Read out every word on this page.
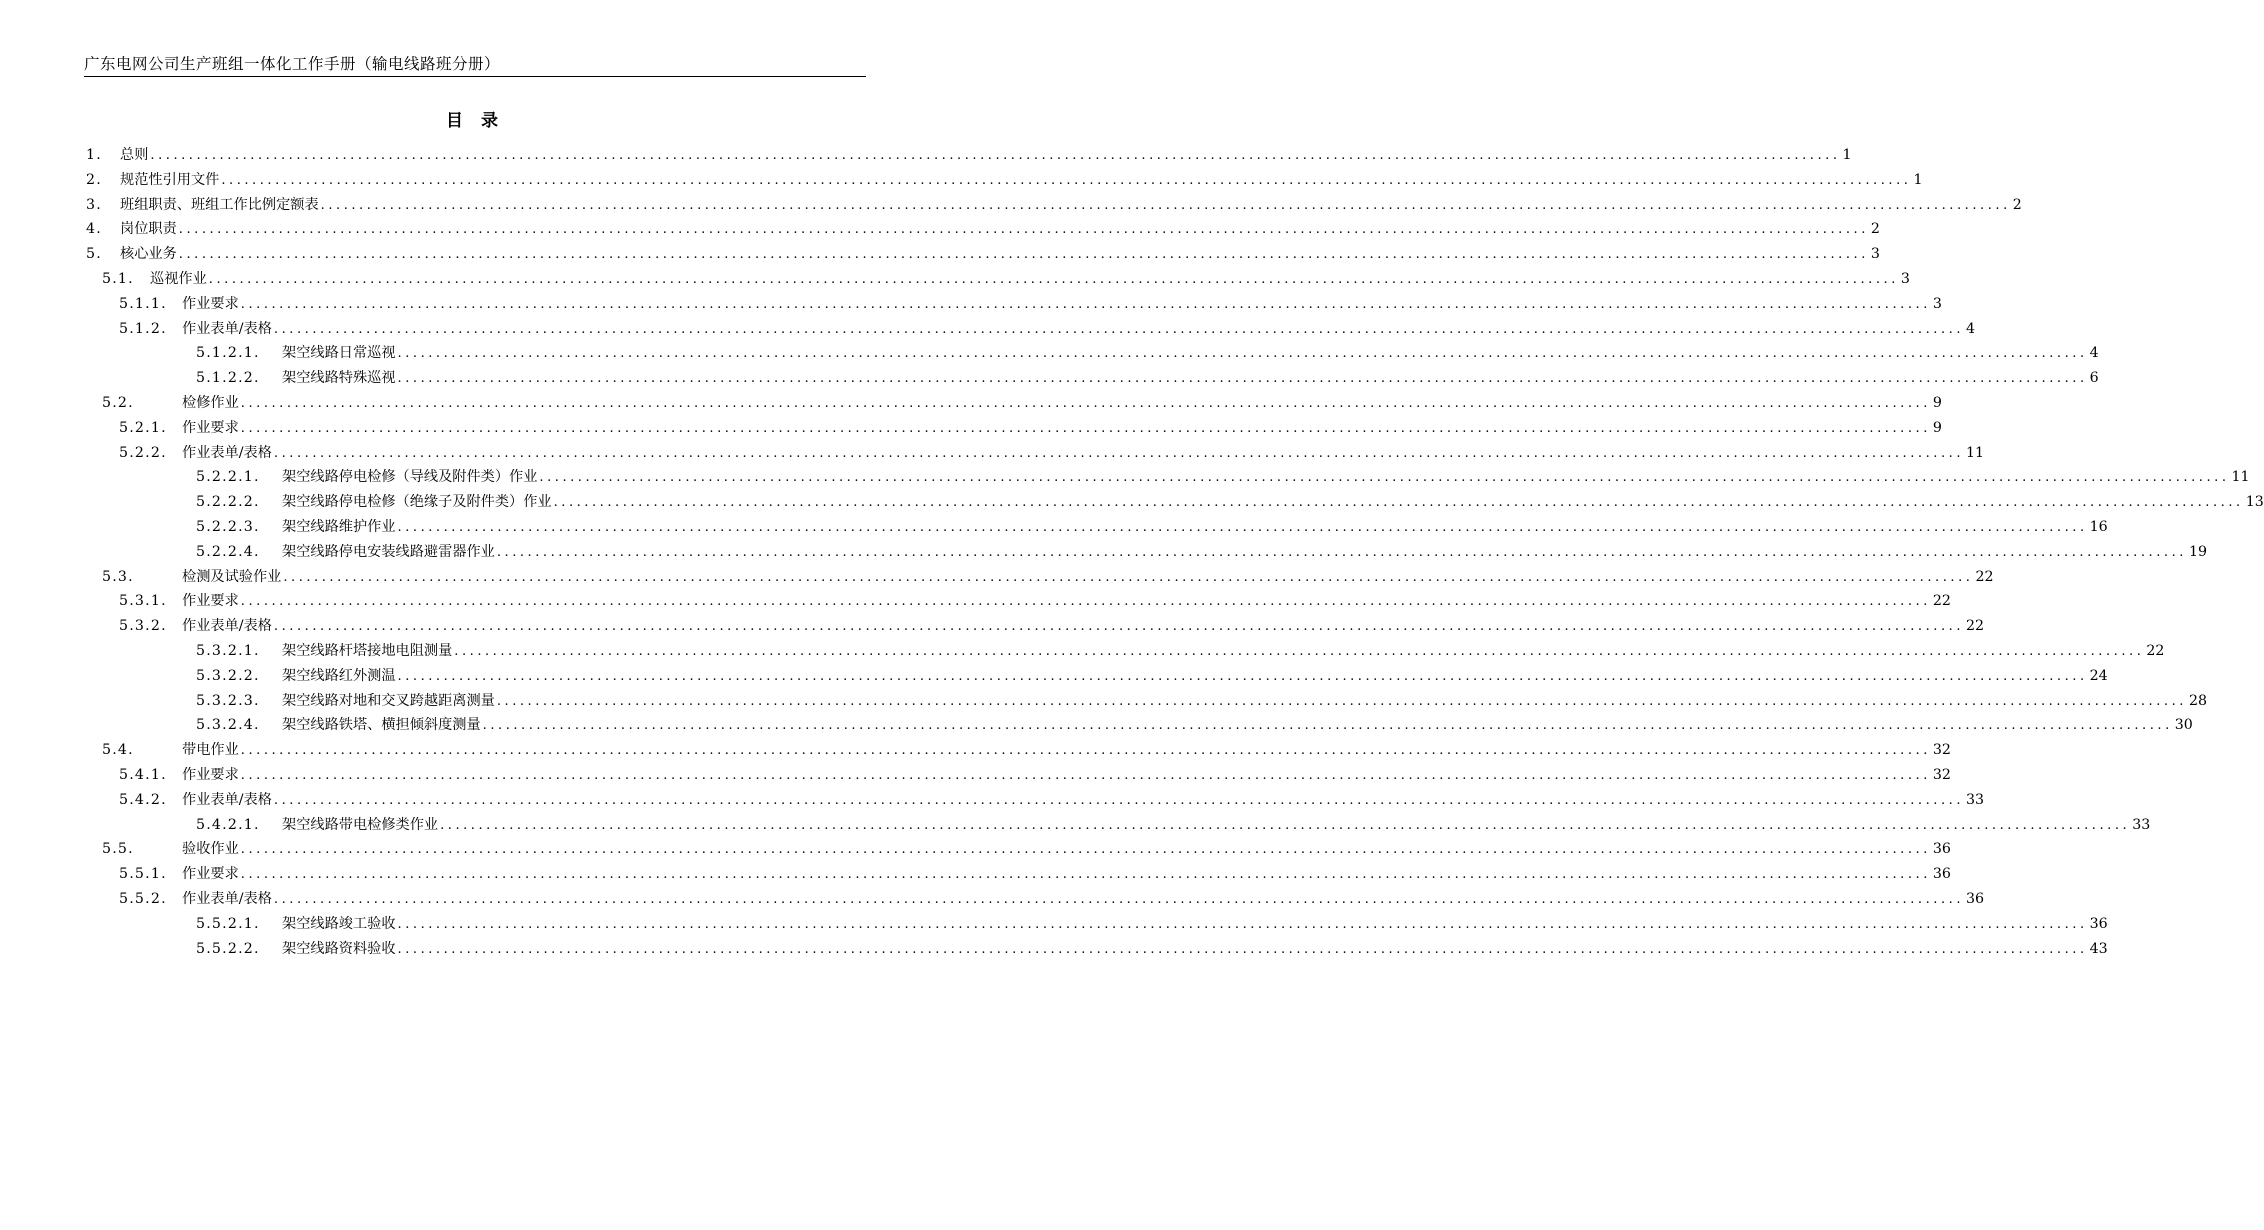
广东电网公司生产班组一体化工作手册（输电线路班分册）
目 录
1.	总则 ............................................................................................................................................................................................................................ 1
2.	规范性引用文件 ............................................................................................................................................................................................................................ 1
3.	班组职责、班组工作比例定额表 ............................................................................................................................................................................................................................ 2
4.	岗位职责 ............................................................................................................................................................................................................................ 2
5.	核心业务 ............................................................................................................................................................................................................................ 3
5.1.	巡视作业 ............................................................................................................................................................................................................................ 3
5.1.1.	作业要求 ............................................................................................................................................................................................................................ 3
5.1.2.	作业表单/表格 ............................................................................................................................................................................................................................ 4
5.1.2.1.	架空线路日常巡视 ............................................................................................................................................................................................................................ 4
5.1.2.2.	架空线路特殊巡视 ............................................................................................................................................................................................................................ 6
5.2.	检修作业 ............................................................................................................................................................................................................................ 9
5.2.1.	作业要求 ............................................................................................................................................................................................................................ 9
5.2.2.	作业表单/表格 ............................................................................................................................................................................................................................ 11
5.2.2.1.	架空线路停电检修（导线及附件类）作业 ............................................................................................................................................................................................................................ 11
5.2.2.2.	架空线路停电检修（绝缘子及附件类）作业 ............................................................................................................................................................................................................................ 13
5.2.2.3.	架空线路维护作业 ............................................................................................................................................................................................................................ 16
5.2.2.4.	架空线路停电安装线路避雷器作业 ............................................................................................................................................................................................................................ 19
5.3.	检测及试验作业 ............................................................................................................................................................................................................................ 22
5.3.1.	作业要求 ............................................................................................................................................................................................................................ 22
5.3.2.	作业表单/表格 ............................................................................................................................................................................................................................ 22
5.3.2.1.	架空线路杆塔接地电阻测量 ............................................................................................................................................................................................................................ 22
5.3.2.2.	架空线路红外测温 ............................................................................................................................................................................................................................ 24
5.3.2.3.	架空线路对地和交叉跨越距离测量 ............................................................................................................................................................................................................................ 28
5.3.2.4.	架空线路铁塔、横担倾斜度测量 ............................................................................................................................................................................................................................ 30
5.4.	带电作业 ............................................................................................................................................................................................................................ 32
5.4.1.	作业要求 ............................................................................................................................................................................................................................ 32
5.4.2.	作业表单/表格 ............................................................................................................................................................................................................................ 33
5.4.2.1.	架空线路带电检修类作业 ............................................................................................................................................................................................................................ 33
5.5.	验收作业 ............................................................................................................................................................................................................................ 36
5.5.1.	作业要求 ............................................................................................................................................................................................................................ 36
5.5.2.	作业表单/表格 ............................................................................................................................................................................................................................ 36
5.5.2.1.	架空线路竣工验收 ............................................................................................................................................................................................................................ 36
5.5.2.2.	架空线路资料验收 ............................................................................................................................................................................................................................ 43
